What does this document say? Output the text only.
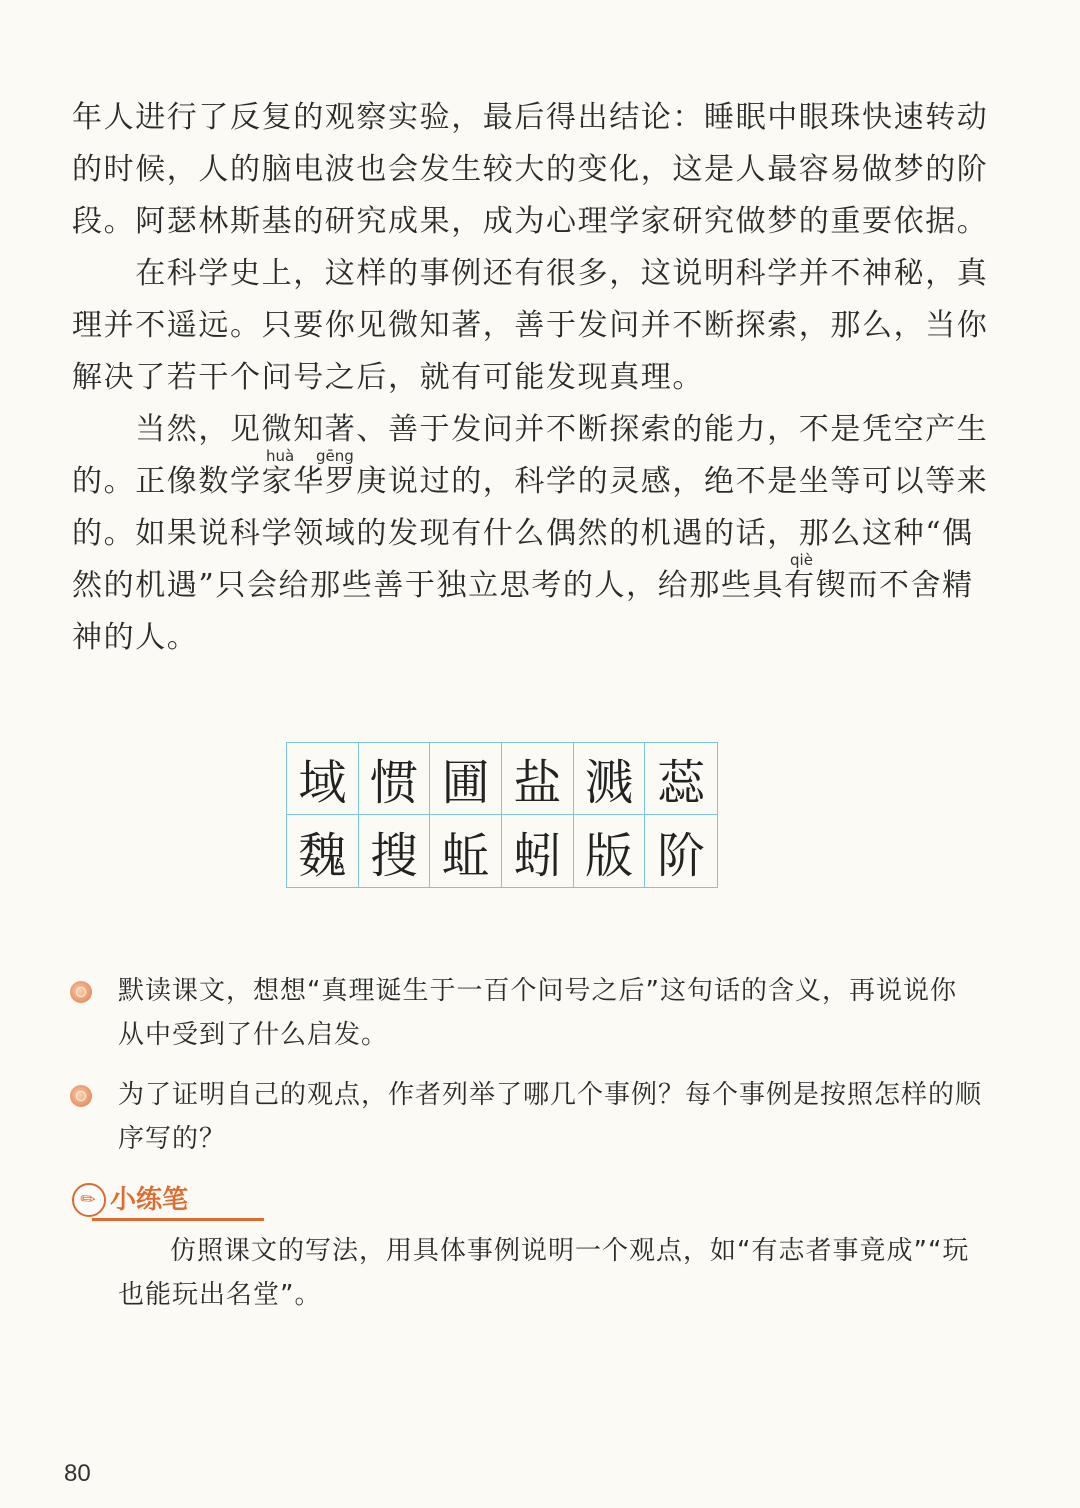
年人进行了反复的观察实验，最后得出结论：睡眠中眼珠快速转动
的时候，人的脑电波也会发生较大的变化，这是人最容易做梦的阶
段。阿瑟林斯基的研究成果，成为心理学家研究做梦的重要依据。
　　在科学史上，这样的事例还有很多，这说明科学并不神秘，真
理并不遥远。只要你见微知著，善于发问并不断探索，那么，当你
解决了若干个问号之后，就有可能发现真理。
　　当然，见微知著、善于发问并不断探索的能力，不是凭空产生
huà gēng
的。正像数学家华罗庚说过的，科学的灵感，绝不是坐等可以等来
的。如果说科学领域的发现有什么偶然的机遇的话，那么这种“偶
qiè
然的机遇”只会给那些善于独立思考的人，给那些具有锲而不舍精
神的人。
域 惯 圃 盐 溅 蕊
魏 搜 蚯 蚓 版 阶
默读课文，想想“真理诞生于一百个问号之后”这句话的含义，再说说你
从中受到了什么启发。
为了证明自己的观点，作者列举了哪几个事例？每个事例是按照怎样的顺
序写的？
✎ 小练笔
仿照课文的写法，用具体事例说明一个观点，如“有志者事竟成”“玩
也能玩出名堂”。
80
